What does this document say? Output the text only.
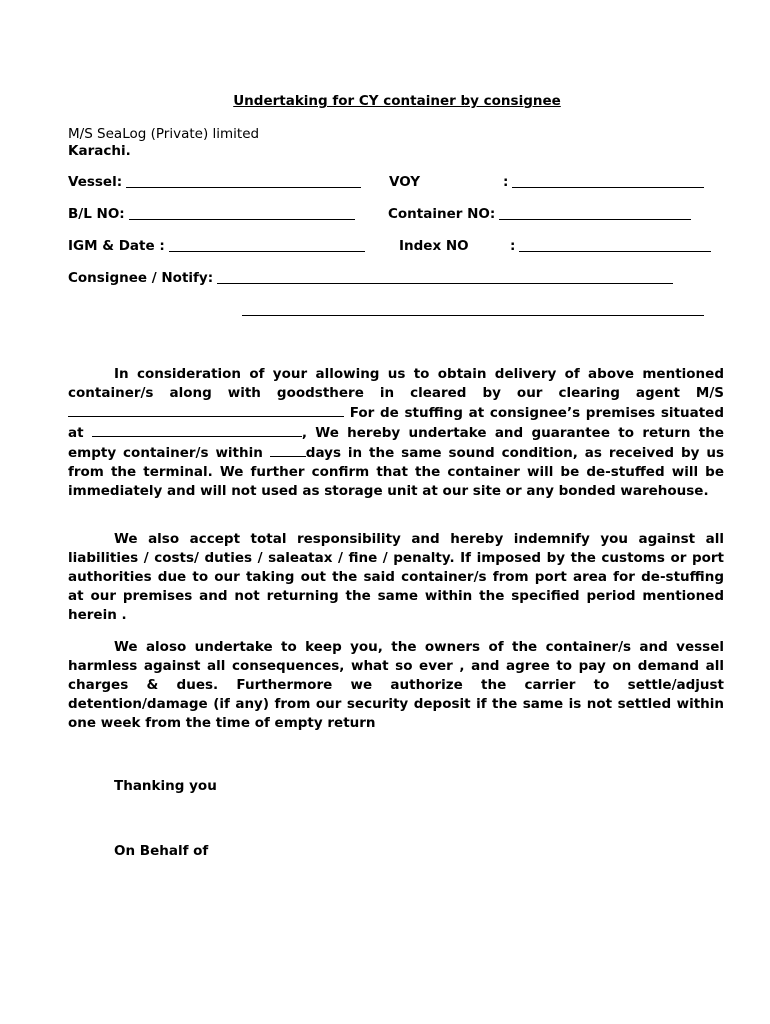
Undertaking for CY container by consignee
M/S SeaLog (Private) limited
Karachi.
Vessel:	VOY	:
B/L NO:	Container NO:
IGM & Date :	Index NO	:
Consignee / Notify:
In consideration of your allowing us to obtain delivery of above mentioned container/s along with goodsthere in cleared by our clearing agent M/S  For de stuffing at consignee’s premises situated at	, We hereby undertake and guarantee to return the empty container/s within	days in the same sound condition, as received by us from the terminal. We further confirm that the container will be de-stuffed will be immediately and will not used as storage unit at our site or any bonded warehouse.
We also accept total responsibility and hereby indemnify you against all liabilities / costs/ duties / saleatax / fine / penalty. If imposed by the customs or port authorities due to our taking out the said container/s from port area for de-stuffing at our premises and not returning the same within the specified period mentioned herein .
We aloso undertake to keep you, the owners of the container/s and vessel harmless against all consequences, what so ever , and agree to pay on demand all charges & dues. Furthermore we authorize the carrier to settle/adjust detention/damage (if any) from our security deposit if the same is not settled within one week from the time of empty return
Thanking you
On Behalf of
